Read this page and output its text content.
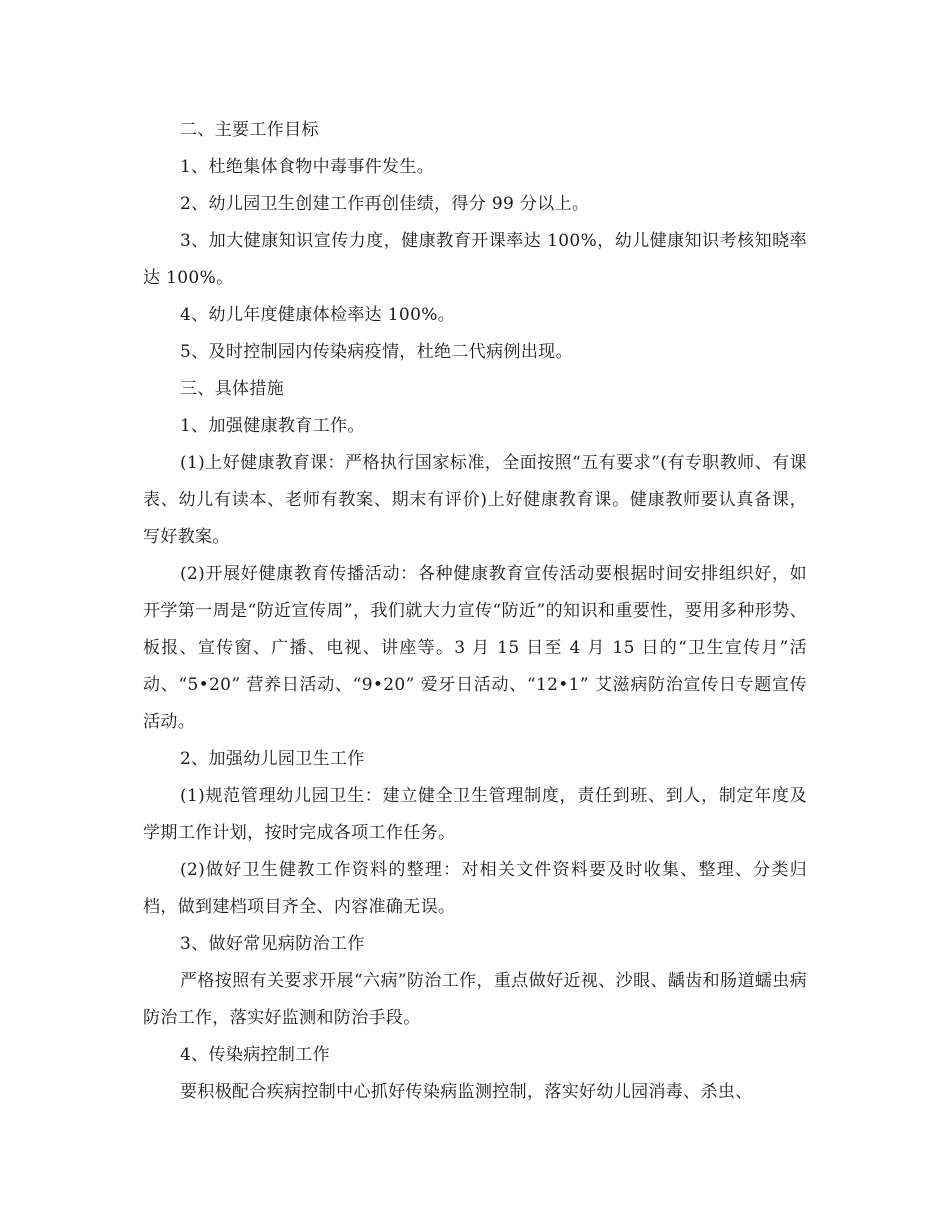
二、主要工作目标

1、杜绝集体食物中毒事件发生。

2、幼儿园卫生创建工作再创佳绩，得分 99 分以上。

3、加大健康知识宣传力度，健康教育开课率达 100%，幼儿健康知识考核知晓率达 100%。

4、幼儿年度健康体检率达 100%。

5、及时控制园内传染病疫情，杜绝二代病例出现。

三、具体措施

1、加强健康教育工作。

(1)上好健康教育课：严格执行国家标准，全面按照“五有要求”(有专职教师、有课表、幼儿有读本、老师有教案、期末有评价)上好健康教育课。健康教师要认真备课，写好教案。

(2)开展好健康教育传播活动：各种健康教育宣传活动要根据时间安排组织好，如开学第一周是“防近宣传周”，我们就大力宣传“防近”的知识和重要性，要用多种形势、板报、宣传窗、广播、电视、讲座等。3 月 15 日至 4 月 15 日的“卫生宣传月”活动、“5•20” 营养日活动、“9•20” 爱牙日活动、“12•1” 艾滋病防治宣传日专题宣传活动。

2、加强幼儿园卫生工作

(1)规范管理幼儿园卫生：建立健全卫生管理制度，责任到班、到人，制定年度及学期工作计划，按时完成各项工作任务。

(2)做好卫生健教工作资料的整理：对相关文件资料要及时收集、整理、分类归档，做到建档项目齐全、内容准确无误。

3、做好常见病防治工作

严格按照有关要求开展“六病”防治工作，重点做好近视、沙眼、龋齿和肠道蠕虫病防治工作，落实好监测和防治手段。

4、传染病控制工作

要积极配合疾病控制中心抓好传染病监测控制，落实好幼儿园消毒、杀虫、
